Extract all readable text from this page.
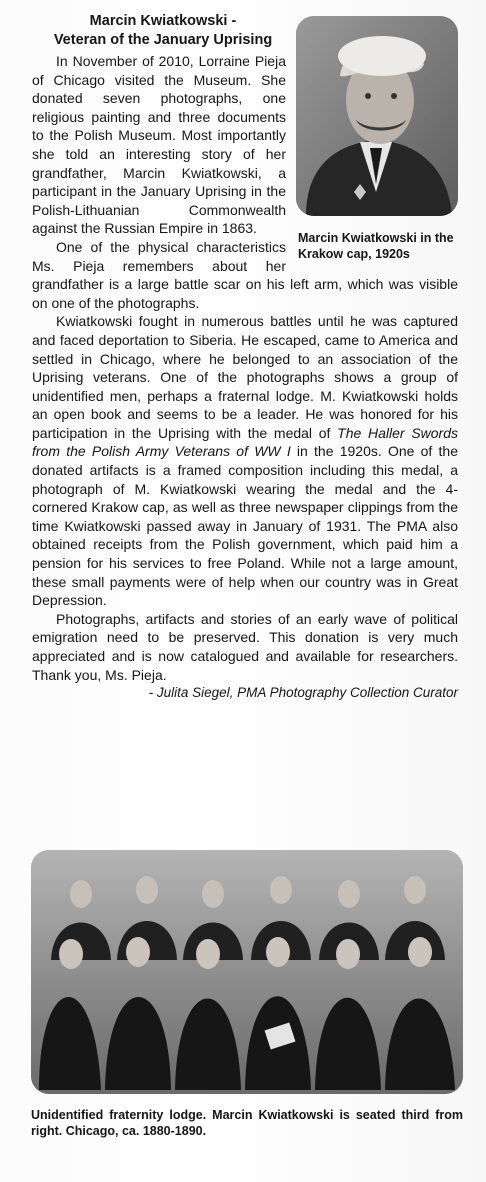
Marcin Kwiatkowski -
Veteran of the January Uprising
Marcin Kwiatkowski in the Krakow cap, 1920s

In November of 2010, Lorraine Pieja of Chicago visited the Museum. She donated seven photographs, one religious painting and three documents to the Polish Museum. Most importantly she told an interesting story of her grandfather, Marcin Kwiatkowski, a participant in the January Uprising in the Polish-Lithuanian Commonwealth against the Russian Empire in 1863.

One of the physical characteristics Ms. Pieja remembers about her grandfather is a large battle scar on his left arm, which was visible on one of the photographs.

Kwiatkowski fought in numerous battles until he was captured and faced deportation to Siberia. He escaped, came to America and settled in Chicago, where he belonged to an association of the Uprising veterans. One of the photographs shows a group of unidentified men, perhaps a fraternal lodge. M. Kwiatkowski holds an open book and seems to be a leader. He was honored for his participation in the Uprising with the medal of The Haller Swords from the Polish Army Veterans of WW I in the 1920s. One of the donated artifacts is a framed composition including this medal, a photograph of M. Kwiatkowski wearing the medal and the 4-cornered Krakow cap, as well as three newspaper clippings from the time Kwiatkowski passed away in January of 1931. The PMA also obtained receipts from the Polish government, which paid him a pension for his services to free Poland. While not a large amount, these small payments were of help when our country was in Great Depression.

Photographs, artifacts and stories of an early wave of political emigration need to be preserved. This donation is very much appreciated and is now catalogued and available for researchers. Thank you, Ms. Pieja.

- Julita Siegel, PMA Photography Collection Curator

Unidentified fraternity lodge. Marcin Kwiatkowski is seated third from right. Chicago, ca. 1880-1890.
